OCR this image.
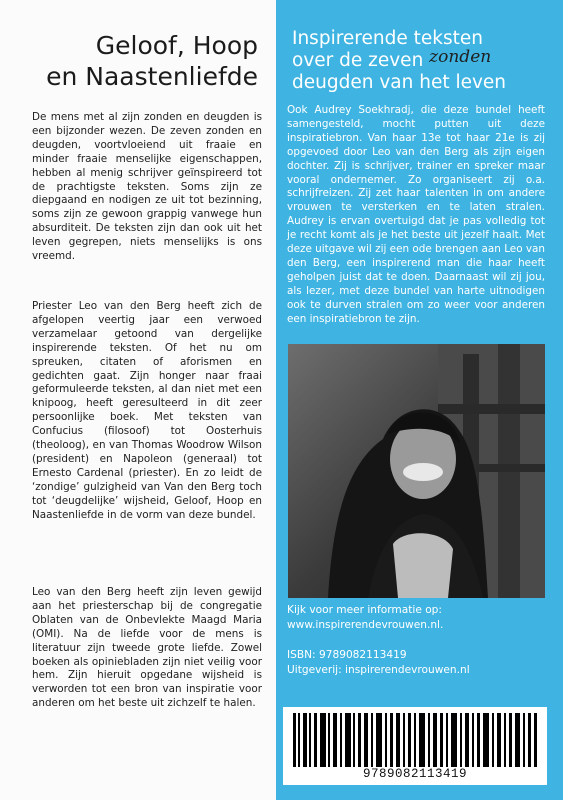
Geloof, Hoop
en Naastenliefde

De mens met al zijn zonden en deugden is een bijzonder wezen. De zeven zonden en deugden, voortvloeiend uit fraaie en minder fraaie menselijke eigenschappen, hebben al menig schrijver geïnspireerd tot de prachtigste teksten. Soms zijn ze diepgaand en nodigen ze uit tot bezinning, soms zijn ze gewoon grappig vanwege hun absurditeit. De teksten zijn dan ook uit het leven gegrepen, niets menselijks is ons vreemd.

Priester Leo van den Berg heeft zich de afgelopen veertig jaar een verwoed verzamelaar getoond van dergelijke inspirerende teksten. Of het nu om spreuken, citaten of aforismen en gedichten gaat. Zijn honger naar fraai geformuleerde teksten, al dan niet met een knipoog, heeft geresulteerd in dit zeer persoonlijke boek. Met teksten van Confucius (filosoof) tot Oosterhuis (theoloog), en van Thomas Woodrow Wilson (president) en Napoleon (generaal) tot Ernesto Cardenal (priester). En zo leidt de ‘zondige’ gulzigheid van Van den Berg toch tot ‘deugdelijke’ wijsheid, Geloof, Hoop en Naastenliefde in de vorm van deze bundel.

Leo van den Berg heeft zijn leven gewijd aan het priesterschap bij de congregatie Oblaten van de Onbevlekte Maagd Maria (OMI). Na de liefde voor de mens is literatuur zijn tweede grote liefde. Zowel boeken als opiniebladen zijn niet veilig voor hem. Zijn hieruit opgedane wijsheid is verworden tot een bron van inspiratie voor anderen om het beste uit zichzelf te halen.

Inspirerende teksten
over de zeven zonden
deugden van het leven
Ook Audrey Soekhradj, die deze bundel heeft samengesteld, mocht putten uit deze inspiratiebron. Van haar 13e tot haar 21e is zij opgevoed door Leo van den Berg als zijn eigen dochter. Zij is schrijver, trainer en spreker maar vooral ondernemer. Zo organiseert zij o.a. schrijfreizen. Zij zet haar talenten in om andere vrouwen te versterken en te laten stralen. Audrey is ervan overtuigd dat je pas volledig tot je recht komt als je het beste uit jezelf haalt. Met deze uitgave wil zij een ode brengen aan Leo van den Berg, een inspirerend man die haar heeft geholpen juist dat te doen. Daarnaast wil zij jou, als lezer, met deze bundel van harte uitnodigen ook te durven stralen om zo weer voor anderen een inspiratiebron te zijn.
Kijk voor meer informatie op:
www.inspirerendevrouwen.nl.
ISBN: 9789082113419
Uitgeverij: inspirerendevrouwen.nl
9789082113419
